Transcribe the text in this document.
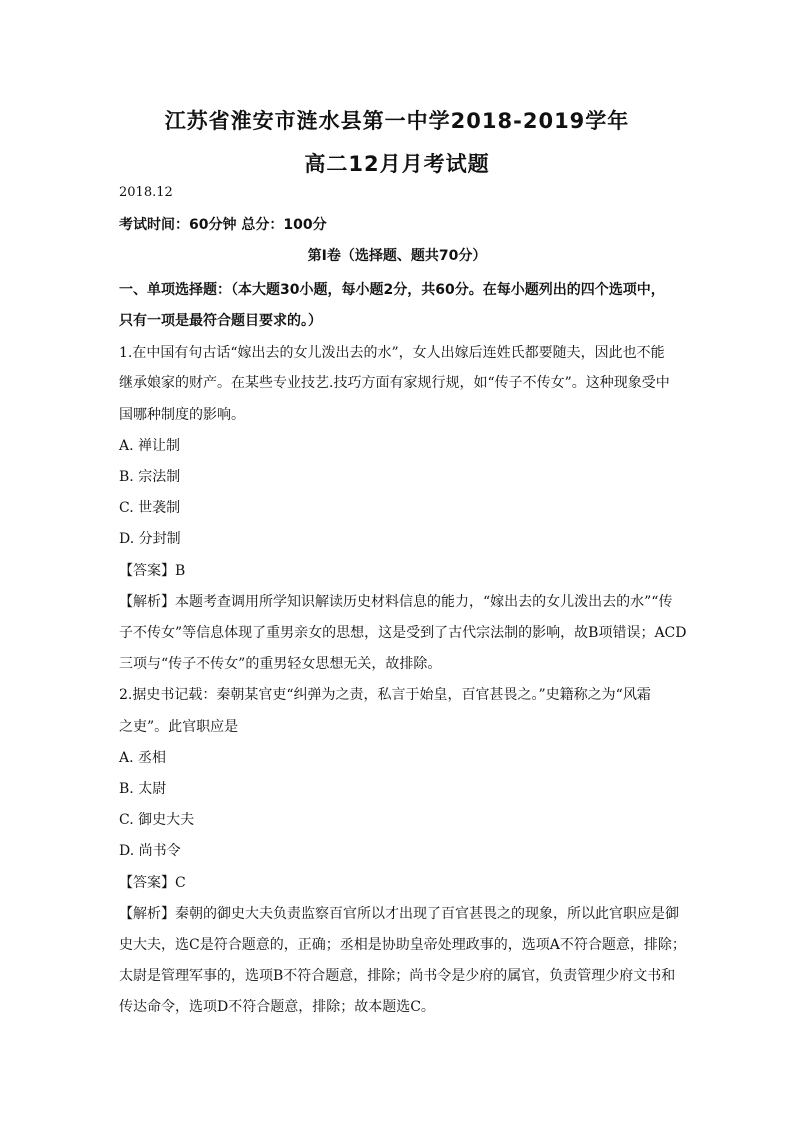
江苏省淮安市涟水县第一中学2018-2019学年
高二12月月考试题
2018.12
考试时间：60分钟 总分：100分
第Ⅰ卷（选择题、题共70分）
一、单项选择题：（本大题30小题，每小题2分，共60分。在每小题列出的四个选项中，
只有一项是最符合题目要求的。）
1.在中国有句古话“嫁出去的女儿泼出去的水”，女人出嫁后连姓氏都要随夫，因此也不能
继承娘家的财产。在某些专业技艺.技巧方面有家规行规，如“传子不传女”。这种现象受中
国哪种制度的影响。
A. 禅让制
B. 宗法制
C. 世袭制
D. 分封制
【答案】B
【解析】本题考查调用所学知识解读历史材料信息的能力，“嫁出去的女儿泼出去的水”“传
子不传女”等信息体现了重男亲女的思想，这是受到了古代宗法制的影响，故B项错误；ACD
三项与“传子不传女”的重男轻女思想无关，故排除。
2.据史书记载：秦朝某官吏“纠弹为之责，私言于始皇，百官甚畏之。”史籍称之为“风霜
之吏”。此官职应是
A. 丞相
B. 太尉
C. 御史大夫
D. 尚书令
【答案】C
【解析】秦朝的御史大夫负责监察百官所以才出现了百官甚畏之的现象，所以此官职应是御
史大夫，选C是符合题意的，正确；丞相是协助皇帝处理政事的，选项A不符合题意，排除；
太尉是管理军事的，选项B不符合题意，排除；尚书令是少府的属官，负责管理少府文书和
传达命令，选项D不符合题意，排除；故本题选C。
